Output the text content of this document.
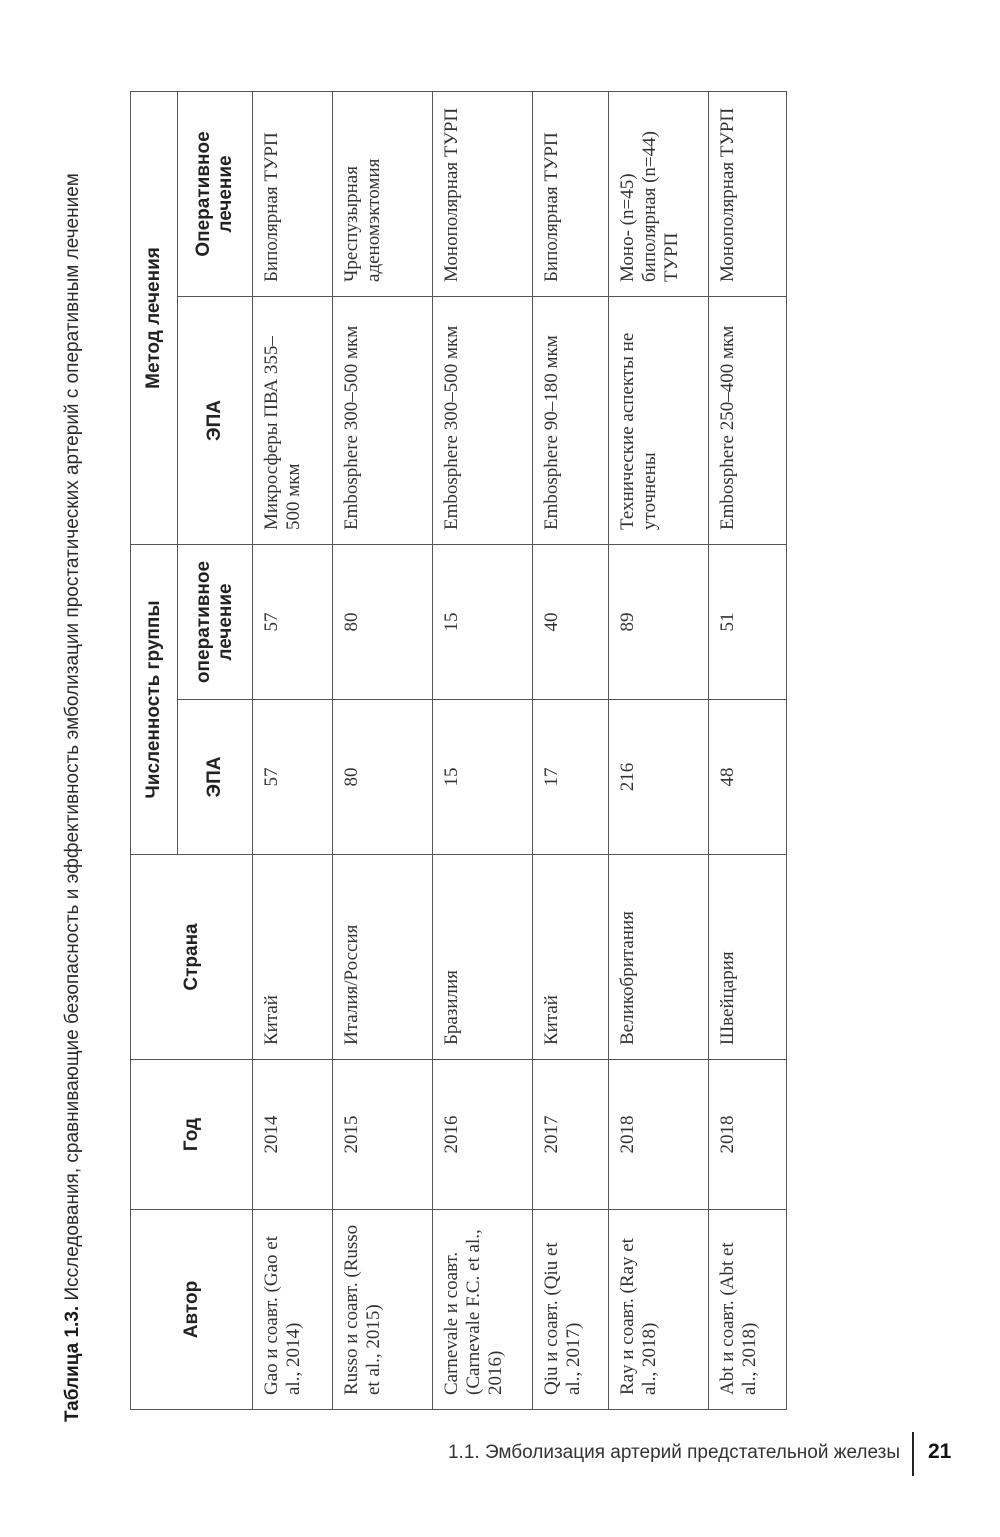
Таблица 1.3. Исследования, сравнивающие безопасность и эффективность эмболизации простатических артерий с оперативным лечением
Автор	Год	Страна	Численность группы		Метод лечения	
			ЭПА	оперативное лечение	ЭПА	Оперативное лечение
Gao и соавт. (Gao et al., 2014)	2014	Китай	57	57	Микросферы ПВА 355–500 мкм	Биполярная ТУРП
Russo и соавт. (Russo et al., 2015)	2015	Италия/Россия	80	80	Embosphere 300–500 мкм	Чреспузырная аденомэктомия
Carnevale и соавт. (Carnevale F.C. et al., 2016)	2016	Бразилия	15	15	Embosphere 300–500 мкм	Монополярная ТУРП
Qiu и соавт. (Qiu et al., 2017)	2017	Китай	17	40	Embosphere 90–180 мкм	Биполярная ТУРП
Ray и соавт. (Ray et al., 2018)	2018	Великобритания	216	89	Технические аспекты не уточнены	Моно- (n=45) биполярная (n=44) ТУРП
Abt и соавт. (Abt et al., 2018)	2018	Швейцария	48	51	Embosphere 250–400 мкм	Монополярная ТУРП
1.1. Эмболизация артерий предстательной железы 21
